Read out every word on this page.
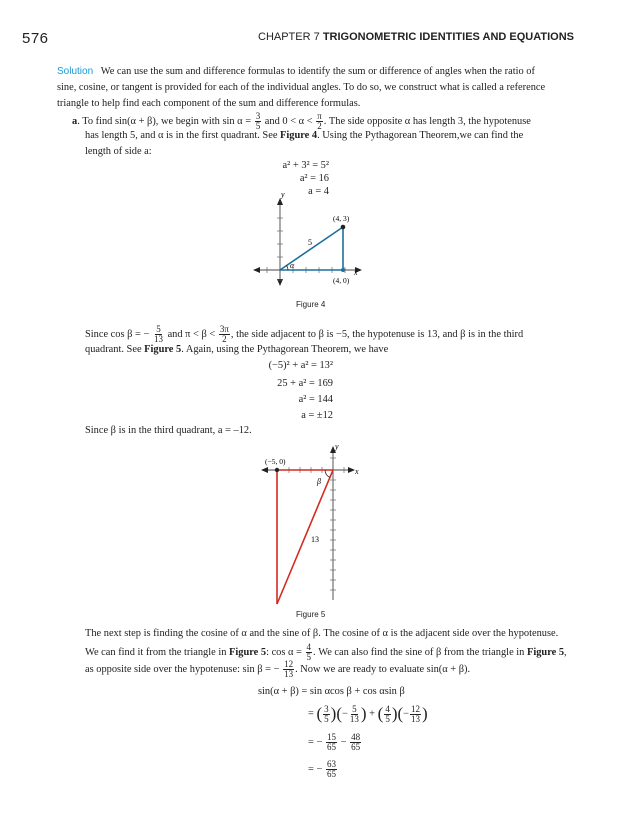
576	CHAPTER 7 TRIGONOMETRIC IDENTITIES AND EQUATIONS
Solution We can use the sum and difference formulas to identify the sum or difference of angles when the ratio of
sine, cosine, or tangent is provided for each of the individual angles. To do so, we construct what is called a reference
triangle to help find each component of the sum and difference formulas.
a. To find sin(α + β), we begin with $\sin \alpha = \frac{3}{5}$ and $0 < \alpha < \frac{\pi}{2}$ . The side opposite α has length 3, the hypotenuse
has length 5, and α is in the first quadrant. See Figure 4. Using the Pythagorean Theorem,we can find the
length of side a:
a² + 3² = 5²
a² = 16
a = 4
y
x
(4, 3)
(4, 0)
5
α
Figure 4
Since cos β = − $\frac{5}{13}$ and $\pi < \beta < \frac{3\pi}{2}$ , the side adjacent to β is −5, the hypotenuse is 13, and β is in the third
quadrant. See Figure 5. Again, using the Pythagorean Theorem, we have
(−5)² + a² = 13²
25 + a² = 169
a² = 144
a = ±12
Since β is in the third quadrant, a = –12.
y
x
(−5, 0)
13
β
Figure 5
The next step is finding the cosine of α and the sine of β. The cosine of α is the adjacent side over the hypotenuse.
We can find it from the triangle in Figure 5: $\cos \alpha = \frac{4}{5}$ . We can also find the sine of β from the triangle in Figure 5,
as opposite side over the hypotenuse: sin β = − $\frac{12}{13}$ . Now we are ready to evaluate sin(α + β).
sin(α + β) = sin αcos β + cos αsin β
= ( $\frac{3}{5}$ )(− $\frac{5}{13}$ ) + ( $\frac{4}{5}$ )(− $\frac{12}{13}$ )
= − $\frac{15}{65} - \frac{48}{65}$
= − $\frac{63}{65}$
